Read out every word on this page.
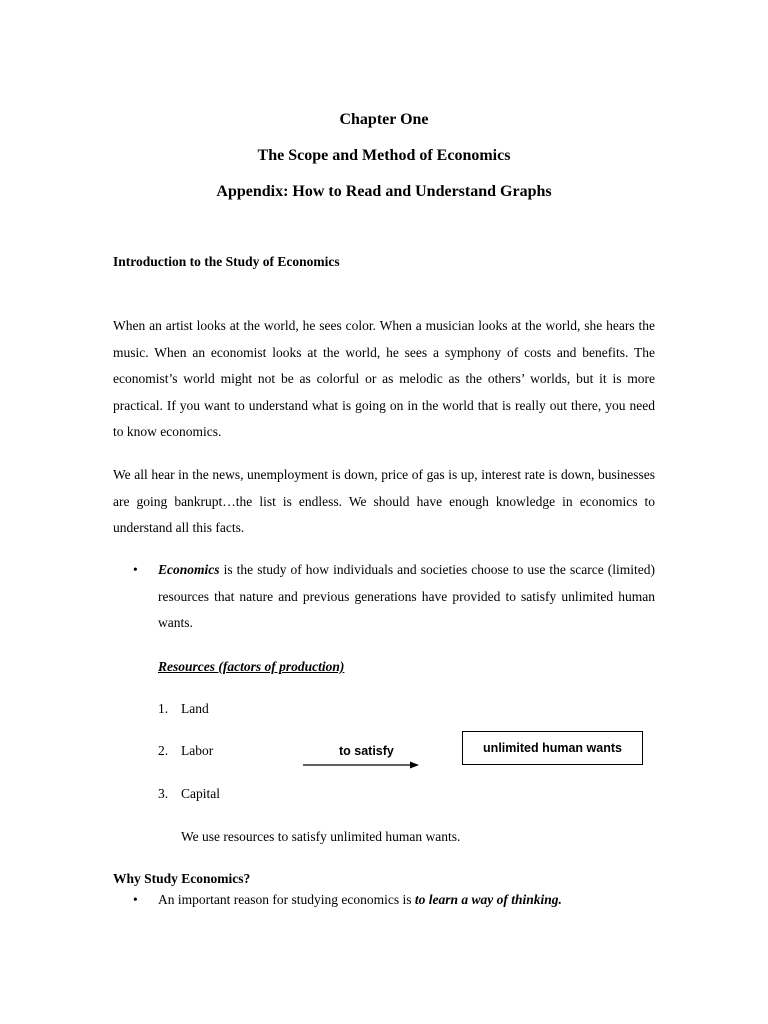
Chapter One
The Scope and Method of Economics
Appendix: How to Read and Understand Graphs
Introduction to the Study of Economics
When an artist looks at the world, he sees color. When a musician looks at the world, she hears the music. When an economist looks at the world, he sees a symphony of costs and benefits. The economist’s world might not be as colorful or as melodic as the others’ worlds, but it is more practical. If you want to understand what is going on in the world that is really out there, you need to know economics.
We all hear in the news, unemployment is down, price of gas is up, interest rate is down, businesses are going bankrupt…the list is endless. We should have enough knowledge in economics to understand all this facts.
• Economics is the study of how individuals and societies choose to use the scarce (limited) resources that nature and previous generations have provided to satisfy unlimited human wants.
Resources (factors of production)
1. Land
2. Labor
3. Capital
to satisfy	unlimited human wants
We use resources to satisfy unlimited human wants.
Why Study Economics?
• An important reason for studying economics is to learn a way of thinking.
